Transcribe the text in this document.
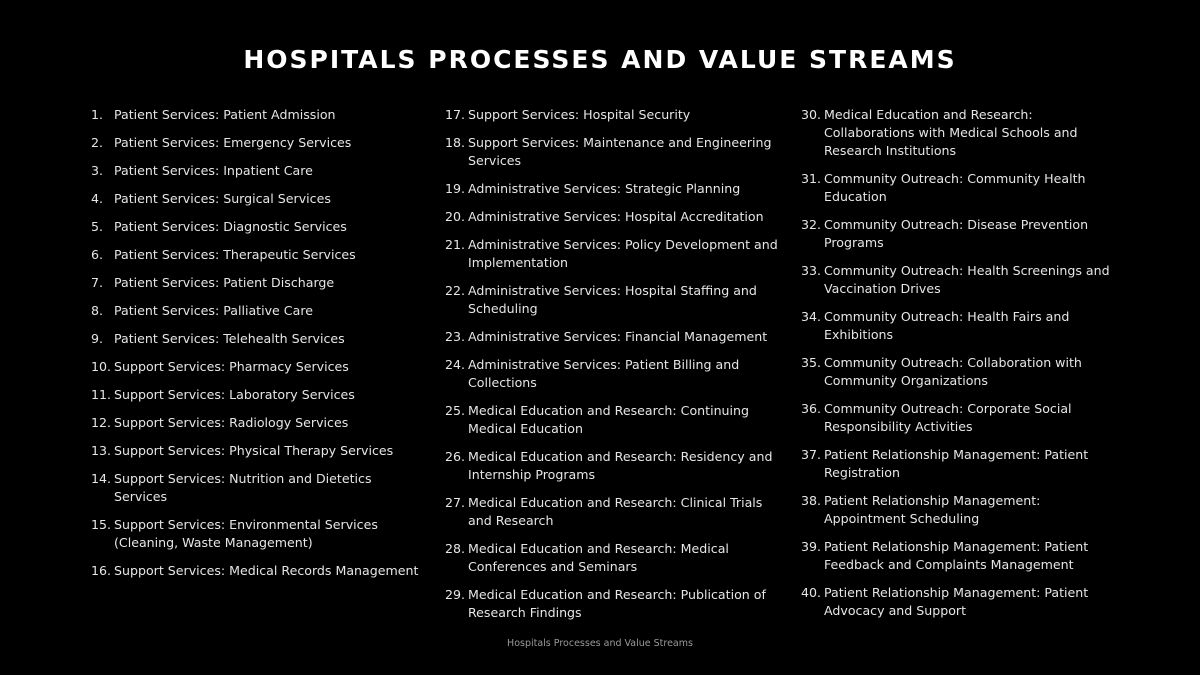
HOSPITALS PROCESSES AND VALUE STREAMS
1. Patient Services: Patient Admission
2. Patient Services: Emergency Services
3. Patient Services: Inpatient Care
4. Patient Services: Surgical Services
5. Patient Services: Diagnostic Services
6. Patient Services: Therapeutic Services
7. Patient Services: Patient Discharge
8. Patient Services: Palliative Care
9. Patient Services: Telehealth Services
10. Support Services: Pharmacy Services
11. Support Services: Laboratory Services
12. Support Services: Radiology Services
13. Support Services: Physical Therapy Services
14. Support Services: Nutrition and Dietetics Services
15. Support Services: Environmental Services (Cleaning, Waste Management)
16. Support Services: Medical Records Management
17. Support Services: Hospital Security
18. Support Services: Maintenance and Engineering Services
19. Administrative Services: Strategic Planning
20. Administrative Services: Hospital Accreditation
21. Administrative Services: Policy Development and Implementation
22. Administrative Services: Hospital Staffing and Scheduling
23. Administrative Services: Financial Management
24. Administrative Services: Patient Billing and Collections
25. Medical Education and Research: Continuing Medical Education
26. Medical Education and Research: Residency and Internship Programs
27. Medical Education and Research: Clinical Trials and Research
28. Medical Education and Research: Medical Conferences and Seminars
29. Medical Education and Research: Publication of Research Findings
30. Medical Education and Research: Collaborations with Medical Schools and Research Institutions
31. Community Outreach: Community Health Education
32. Community Outreach: Disease Prevention Programs
33. Community Outreach: Health Screenings and Vaccination Drives
34. Community Outreach: Health Fairs and Exhibitions
35. Community Outreach: Collaboration with Community Organizations
36. Community Outreach: Corporate Social Responsibility Activities
37. Patient Relationship Management: Patient Registration
38. Patient Relationship Management: Appointment Scheduling
39. Patient Relationship Management: Patient Feedback and Complaints Management
40. Patient Relationship Management: Patient Advocacy and Support
Hospitals Processes and Value Streams
